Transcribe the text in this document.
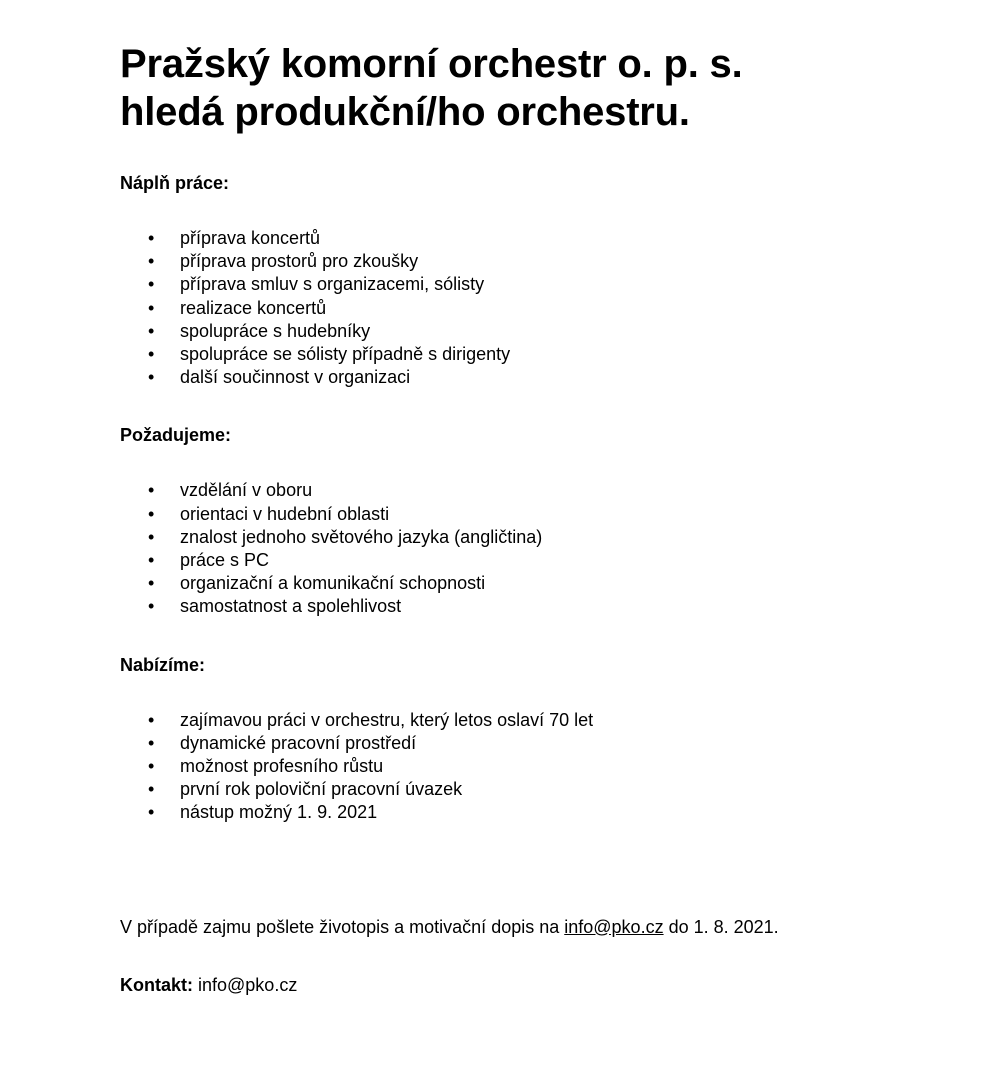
Pražský komorní orchestr o. p. s.
hledá produkční/ho orchestru.
Náplň práce:
• příprava koncertů
• příprava prostorů pro zkoušky
• příprava smluv s organizacemi, sólisty
• realizace koncertů
• spolupráce s hudebníky
• spolupráce se sólisty případně s dirigenty
• další součinnost v organizaci
Požadujeme:
• vzdělání v oboru
• orientaci v hudební oblasti
• znalost jednoho světového jazyka (angličtina)
• práce s PC
• organizační a komunikační schopnosti
• samostatnost a spolehlivost
Nabízíme:
• zajímavou práci v orchestru, který letos oslaví 70 let
• dynamické pracovní prostředí
• možnost profesního růstu
• první rok poloviční pracovní úvazek
• nástup možný 1. 9. 2021

V případě zajmu pošlete životopis a motivační dopis na info@pko.cz do 1. 8. 2021.

Kontakt: info@pko.cz
